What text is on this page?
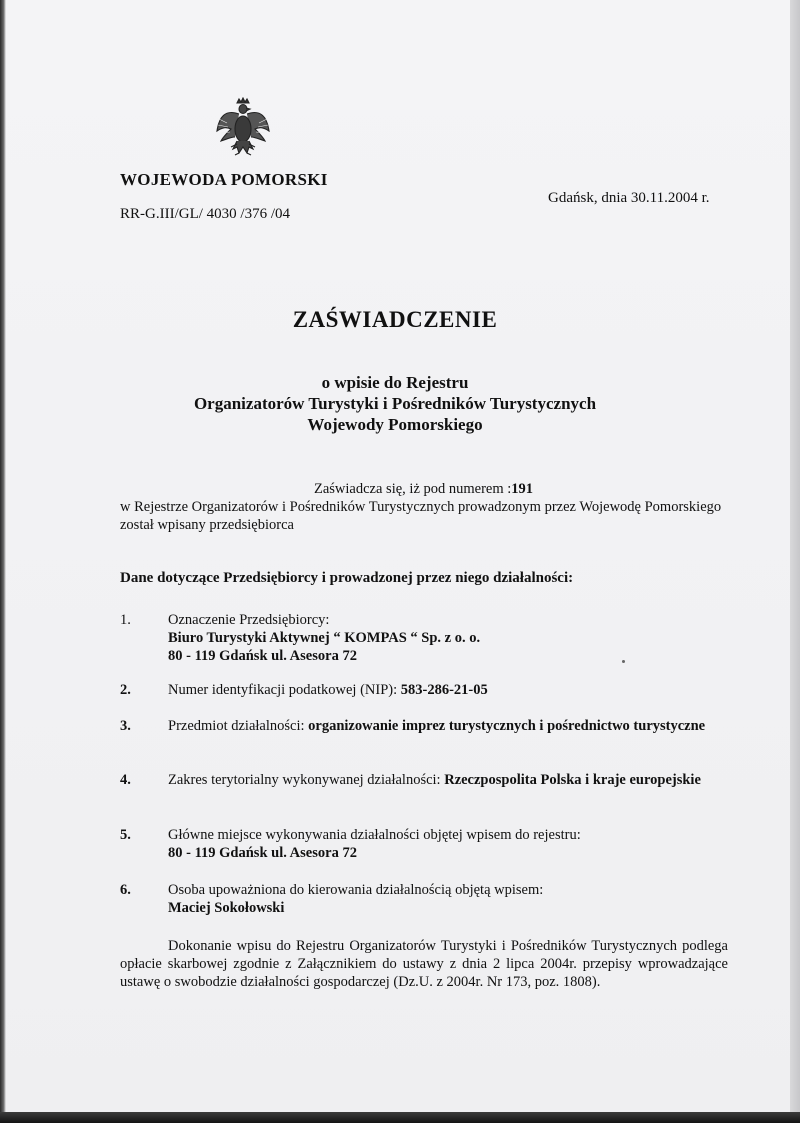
WOJEWODA POMORSKI
Gdańsk, dnia 30.11.2004 r.
RR-G.III/GL/ 4030 /376 /04
ZAŚWIADCZENIE
o wpisie do Rejestru
Organizatorów Turystyki i Pośredników Turystycznych
Wojewody Pomorskiego
Zaświadcza się, iż pod numerem :191
w Rejestrze Organizatorów i Pośredników Turystycznych prowadzonym przez Wojewodę Pomorskiego został wpisany przedsiębiorca
Dane dotyczące Przedsiębiorcy i prowadzonej przez niego działalności:
1.	Oznaczenie Przedsiębiorcy:
Biuro Turystyki Aktywnej “ KOMPAS “ Sp. z o. o.
80 - 119 Gdańsk ul. Asesora 72
2.	Numer identyfikacji podatkowej (NIP): 583-286-21-05
3.	Przedmiot działalności: organizowanie imprez turystycznych i pośrednictwo turystyczne
4.	Zakres terytorialny wykonywanej działalności: Rzeczpospolita Polska i kraje europejskie
5.	Główne miejsce wykonywania działalności objętej wpisem do rejestru:
80 - 119 Gdańsk ul. Asesora 72
6.	Osoba upoważniona do kierowania działalnością objętą wpisem:
Maciej Sokołowski
Dokonanie wpisu do Rejestru Organizatorów Turystyki i Pośredników Turystycznych podlega opłacie skarbowej zgodnie z Załącznikiem do ustawy z dnia 2 lipca 2004r. przepisy wprowadzające ustawę o swobodzie działalności gospodarczej (Dz.U. z 2004r. Nr 173, poz. 1808).
